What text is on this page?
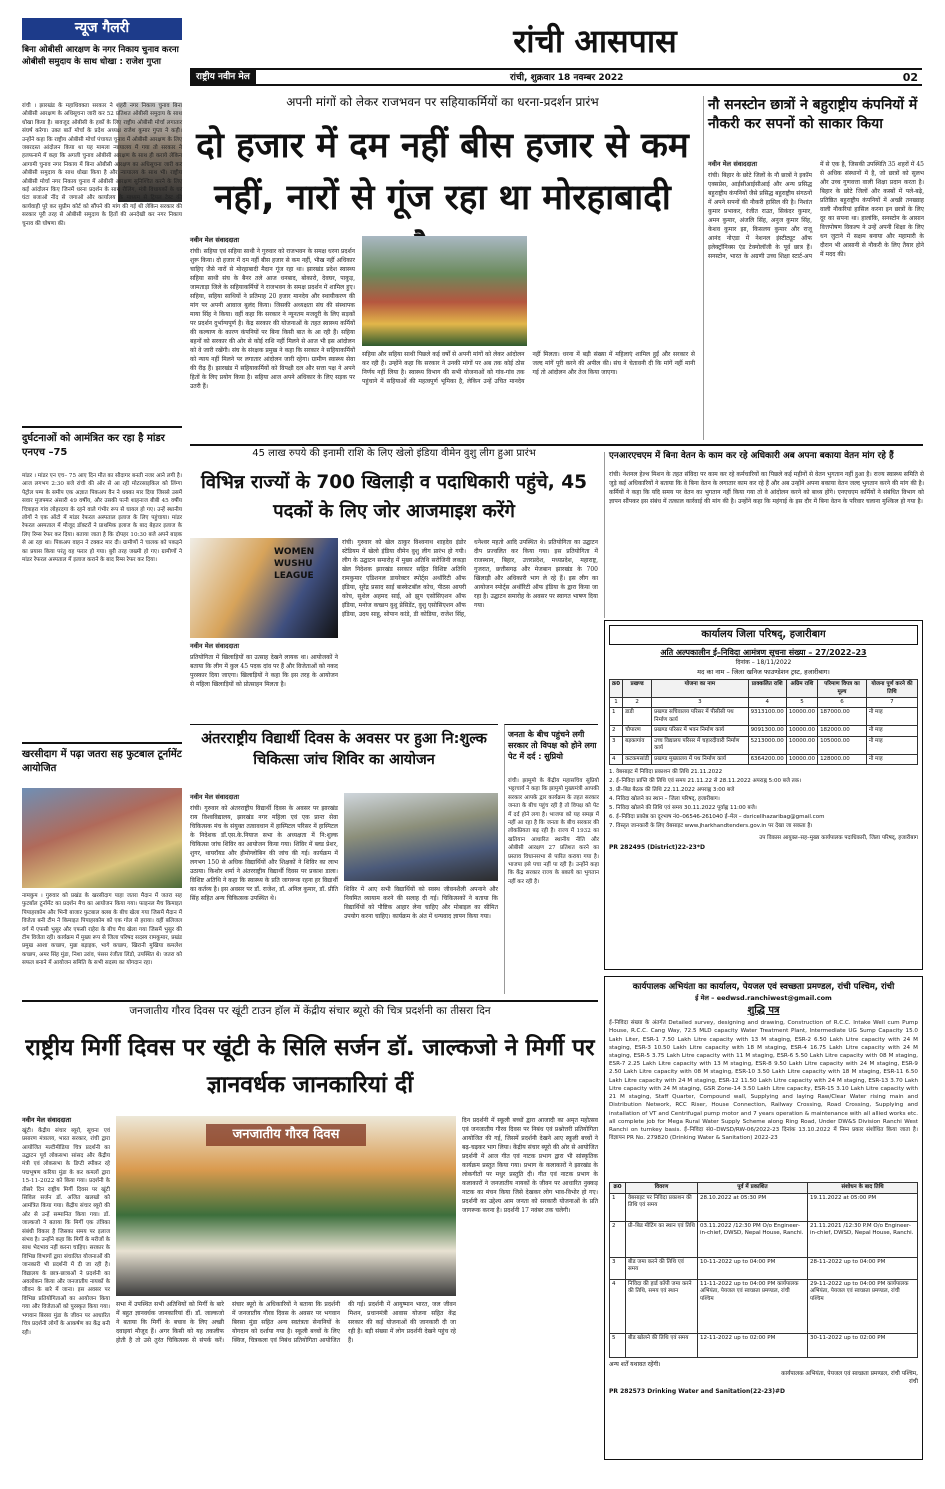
रांची आसपास
राष्ट्रीय नवीन मेल	रांची, शुक्रवार 18 नवम्बर 2022	02
न्यूज गैलरी
बिना ओबीसी आरक्षण के नगर निकाय चुनाव करना ओबीसी समुदाय के साथ धोखा : राजेश गुप्ता
रांची । झारखंड के महाधिवक्ता सरकार ने शहरी नगर निकाय चुनाव बिना ओबीसी आरक्षण के अधिसूचना जारी कर 52 प्रतिशत ओबीसी समुदाय के साथ धोखा किया है। बावजूद ओबीसी के हकों के लिए राष्ट्रीय ओबीसी मोर्चा लगातार संघर्ष करेगा। उक्त बातें मोर्चा के प्रदेश अध्यक्ष राजेश कुमार गुप्ता ने कही। उन्होंने कहा कि राष्ट्रीय ओबीसी मोर्चा पंचायत चुनाव में ओबीसी आरक्षण के लिए जबरदस्त आंदोलन किया था यह मामला न्यायालय में गया तो सरकार ने हलफनामे में कहा कि अगली चुनाव ओबीसी आरक्षण के साथ ही कराये लेकिन आगामी चुनाव नगर निकाय में बिना ओबीसी आरक्षण का अधिसूचना जारी कर ओबीसी समुदाय के साथ धोखा किया है और न्यायालय के साथ भी। राष्ट्रीय ओबीसी मोर्चा नगर निकाय चुनाव में ओबीसी आरक्षण सुनिश्चित करने के लिए कई आंदोलन किए जिनमें धरना प्रदर्शन के साथ रौलिंग, मंत्री विधायकों के घर घंटा बजाओ नींद से जगाओ और कार्यालय के माध्यम से ट्रिपल टेस्ट की कार्यवाही पूरे कर सुप्रीम कोर्ट को सौंपने की मांग की गई थी लेकिन सरकार की सरकार पूरी तरह से ओबीसी समुदाय के हितों की अनदेखी कर नगर निकाय चुनाव की घोषणा की।
दुर्घटनाओं को आमंत्रित कर रहा है मांडर एनएच –75
मांडर । मांडर एन एच– 75 आए दिन मौत का सौदागर बनती नजर आने लगी है। आज लगभग 2:30 बजे रांची की ओर से आ रही मोटरसाइकिल को लिंग्गा पेट्रोल पम्प के समीप एक अज्ञात पिकअप वैन ने धक्का मार दिया जिससे उसमें सवार मुजफ्फर अंसारी 49 वर्षीय, और उसकी पत्नी शाहनाज बीबी 45 वर्षीय चित्राहरा गांव लोहरदगा के रहने वाले गंभीर रूप से घायल हो गए। उन्हें स्थानीय लोगों ने एक ऑटो में मांडर रेफरल अस्पताल इलाज के लिए पहुंचाया। मांडर रेफरल अस्पताल में मौजूद डॉक्टरों ने प्राथमिक इलाज के बाद बेहतर इलाज के लिए रिम्स रेफर कर दिया। बताया जाता है कि दोपहर 10:30 बजे अपने बाइक से आ रहा था। पिकअप वाहन ने टक्कर मार दी। ग्रामीणों ने चालक को पकड़ने का प्रयास किया परंतु वह फरार हो गया। बुरी तरह जख्मी हो गए। ग्रामीणों ने मांडर रेफरल अस्पताल में इलाज कराने के बाद रिम्स रेफर कर दिया।
खरसीदाग में पढ़ा जतरा सह फुटबाल टूर्नामेंट आयोजित
नामकुम । गुरुवार को प्रखंड के खरसीदाग पाहा जतरा मैदान में जतरा सह फुटबॉल टूर्नामेंट का प्रदर्शन मैच का आयोजन किया गया। फाइनल मैच किमाइत पिपाहरकोम और भिनी बाजार फुटबाल क्लब के बीच खेला गया जिसमें मैदान में विजेता बनी टीम ने किमाइत पिपाहरकोम को एक गोल से हराया। वहीं बलिजल वर्ग में एफसी भुसुर और एफसी राहेरा के बीच मैच खेला गया जिसमें भुसुर की टीम विजेता रही। कार्यक्रम में मुख्य रूप से जिला परिषद सदस्य रामकुमार, प्रखंड प्रमुख आशा कच्छप, मुन्ना बड़ाइक, भागे कच्छप, खिरानी मुखिया कमलेश कच्छप, अमर सिंह मुंडा, निशा उरांव, पंसस रंजीता लिंडो, उपस्थित थे। जतरा को सफल बनाने में आयोजन समिति के सभी सदस्य का योगदान रहा।
अपनी मांगों को लेकर राजभवन पर सहियाकर्मियों का धरना-प्रदर्शन प्रारंभ
दो हजार में दम नहीं बीस हजार से कम नहीं, नारों से गूंज रहा था मोरहाबादी
नवीन मेल संवाददाता
रांची। सहिया एवं सहिया साथी ने गुरुवार को राजभवन के समक्ष धरना प्रदर्शन शुरू किया। दो हजार में दम नहीं बीस हजार से कम नहीं, भीख नहीं अधिकार चाहिए जैसे नारों से मोरहाबादी मैदान गूंज रहा था। झारखंड प्रदेश स्वास्थ्य सहिया साथी संघ के बैनर तले आज धनबाद, बोकारो, देवघर, पाकुड़, जामताड़ा जिले के सहियाकर्मियों ने राजभवन के समक्ष प्रदर्शन में शामिल हुए। सहिया, सहिया साथियों ने प्रतिमाह 20 हजार मानदेय और स्थायीकरण की मांग पर अपनी आवाज बुलंद किया। जिसकी अध्यक्षता संघ की संस्थापक माया सिंह ने किया। वहीं कहा कि सरकार ने न्यूनतम मजदूरी के लिए सड़कों पर प्रदर्शन दुर्भाग्यपूर्ण है। केंद्र सरकार की योजनाओं के तहत स्वास्थ्य कर्मियों की कल्याण के कारण कंपनियों पर बिना किसी बात के आ रही हैं। सहिया बहनों को सरकार की ओर से कोई राशि नहीं मिलने से आज भी इस आंदोलन को वे जारी रखेंगी। संघ के संरक्षक प्रमुख ने कहा कि सरकार ने सहियाकर्मियों को न्याय नहीं मिलने पर लगातार आंदोलन जारी रहेगा। ग्रामीण स्वास्थ्य सेवा की रीढ़ हैं। झारखंड में सहियाकर्मियों को विपक्षी दल और सत्ता पक्ष ने अपने हितों के लिए प्रयोग किया है। सहिया आज अपने अधिकार के लिए सड़क पर उतरी हैं।
सहिया और सहिया साथी पिछले कई वर्षों से अपनी मांगों को लेकर आंदोलन कर रही हैं। उन्होंने कहा कि सरकार ने उनकी मांगों पर अब तक कोई ठोस निर्णय नहीं लिया है। स्वास्थ्य विभाग की सभी योजनाओं को गांव-गांव तक पहुंचाने में सहियाओं की महत्वपूर्ण भूमिका है, लेकिन उन्हें उचित मानदेय नहीं मिलता। धरना में बड़ी संख्या में महिलाएं शामिल हुईं और सरकार से जल्द मांगें पूरी करने की अपील की। संघ ने चेतावनी दी कि मांगें नहीं मानी गई तो आंदोलन और तेज किया जाएगा।
नौ सनस्टोन छात्रों ने बहुराष्ट्रीय कंपनियों में नौकरी कर सपनों को साकार किया
नवीन मेल संवाददाता
रांची। बिहार के छोटे जिलों के नौ छात्रों ने इकॉम एक्सप्रेस, आईसीआईसीआई और अन्य प्रसिद्ध बहुराष्ट्रीय कंपनियों जैसे प्रसिद्ध बहुराष्ट्रीय संगठनों में अपने सपनों की नौकरी हासिल की है। निशांत कुमार प्रभाकर, रंजीत राउत, सिकंदर कुमार, अमन कुमार, अंजलि सिंह, अनुज कुमार सिंह, केशव कुमार झा, किसलय कुमार और राजू आनंद नोएडा में नेशनल इंस्टीट्यूट ऑफ इलेक्ट्रॉनिक्स एंड टेक्नोलॉजी के पूर्व छात्र हैं। सनस्टोन, भारत के अग्रणी उच्च शिक्षा स्टार्ट-अप में से एक है, जिसकी उपस्थिति 35 शहरों में 45 से अधिक संस्थानों में है, जो छात्रों को सुलभ और उच्च गुणवत्ता वाली शिक्षा प्रदान करता है। बिहार के छोटे जिलों और कस्बों में पले-बढ़े, प्रतिष्ठित बहुराष्ट्रीय कंपनियों में अच्छी तनख्वाह वाली नौकरियां हासिल करना इन छात्रों के लिए दूर का सपना था। हालांकि, सनस्टोन के आसान वित्तपोषण विकल्प ने उन्हें अपनी शिक्षा के लिए धन जुटाने में सक्षम बनाया और महामारी के दौरान भी आसानी से नौकरी के लिए तैयार होने में मदद की।
45 लाख रुपये की इनामी राशि के लिए खेलो इंडिया वीमेन वुशु लीग हुआ प्रारंभ
विभिन्न राज्यों के 700 खिलाड़ी व पदाधिकारी पहुंचे, 45 पदकों के लिए जोर आजमाइश करेंगे
WOMEN WUSHU LEAGUE
रांची। गुरुवार को खेल ठाकुर विश्वनाथ शाहदेव इंडोर स्टेडियम में खेलो इंडिया वीमेन वुशु लीग प्रारंभ हो गयी। लीग के उद्घाटन समारोह में मुख्य अतिथि सरोजिनी लकड़ा खेल निदेशक झारखंड सरकार सहित विशिष्ट अतिथि रामकुमार एडिशनल डायरेक्टर स्पोर्ट्स अथॉरिटी ऑफ इंडिया, सुरेंद्र प्रसाद साई बास्केटबॉल कोच, पीठस आयरी कोच, सुशेल अहमद साई, ओ झुप एसोसिएशन ऑफ इंडिया, मनोज कच्छप वुशु प्रेसिडेंट, वुशु एसोसिएशन ऑफ इंडिया, उदय साहू, सोपान कांडे, डी कोडिया, राजेश सिंह, धनेश्वर महतो आदि उपस्थित थे। प्रतियोगिता का उद्घाटन दीप प्रज्वलित कर किया गया। इस प्रतियोगिता में राजस्थान, बिहार, उत्तरप्रदेश, मध्यप्रदेश, महाराष्ट्र, गुजरात, छत्तीसगढ़ और मेजबान झारखंड के 700 खिलाड़ी और अधिकारी भाग ले रहे हैं। इस लीग का आयोजन स्पोर्ट्स अथॉरिटी ऑफ इंडिया के द्वारा किया जा रहा है। उद्घाटन समारोह के अवसर पर स्वागत भाषण दिया गया।
नवीन मेल संवाददाता
प्रतियोगिता में खिलाड़ियों का उत्साह देखने लायक था। आयोजकों ने बताया कि लीग में कुल 45 पदक दांव पर हैं और विजेताओं को नकद पुरस्कार दिया जाएगा। खिलाड़ियों ने कहा कि इस तरह के आयोजन से महिला खिलाड़ियों को प्रोत्साहन मिलता है।
एनआरएचएम में बिना वेतन के काम कर रहे अधिकारी अब अपना बकाया वेतन मांग रहे हैं
रांची। नेशनल हेल्थ मिशन के तहत संविदा पर काम कर रहे कर्मचारियों का पिछले कई महीनों से वेतन भुगतान नहीं हुआ है। राज्य स्वास्थ्य समिति से जुड़े कई अधिकारियों ने बताया कि वे बिना वेतन के लगातार काम कर रहे हैं और अब उन्होंने अपना बकाया वेतन जल्द भुगतान करने की मांग की है। कर्मियों ने कहा कि यदि समय पर वेतन का भुगतान नहीं किया गया तो वे आंदोलन करने को बाध्य होंगे। एनएचएम कर्मियों ने संबंधित विभाग को ज्ञापन सौंपकर इस संबंध में तत्काल कार्रवाई की मांग की है। उन्होंने कहा कि महंगाई के इस दौर में बिना वेतन के परिवार चलाना मुश्किल हो गया है।
कार्यालय जिला परिषद्, हजारीबाग
अति अल्पकालीन ई–निविदा आमंत्रण सूचना संख्या – 27/2022–23
दिनांक – 18/11/2022
मद का नाम – जिला खनिज फाउण्डेशन ट्रस्ट, हजारीबाग।
क्र0	प्रखण्ड	योजना का नाम	प्राक्कलित राशि	अग्रिम राशि	परिमाण विपत्र का मूल्य	योजना पूर्ण करने की तिथि
1	2	3	4	5	6	7
1	डाडी	प्रखण्ड सचिवालय परिसर में पीसीसी पथ निर्माण कार्य	9313100.00	10000.00	187000.00	नौ माह
2	चौपारण	प्रखण्ड परिसर में भवन निर्माण कार्य	9091300.00	10000.00	182000.00	नौ माह
3	बड़कागांव	उच्च विद्यालय परिसर में चहारदीवारी निर्माण कार्य	5213000.00	10000.00	105000.00	नौ माह
4	कटकमसांडी	प्रखण्ड मुख्यालय में पथ निर्माण कार्य	6364200.00	10000.00	128000.00	नौ माह
1. वेबसाइट में निविदा प्रकाशन की तिथि 21.11.2022
2. ई–निविदा प्राप्ति की तिथि एवं समय 21.11.22 से 28.11.2022 अपराह्न 5:00 बजे तक।
3. प्री–बिड बैठक की तिथि 22.11.2022 अपराह्न 3:00 बजे
4. निविदा खोलने का स्थान – जिला परिषद्, हजारीबाग।
5. निविदा खोलने की तिथि एवं समय 30.11.2022 पूर्वाह्न 11:00 बजे।
6. ई–निविदा प्रकोष्ठ का दूरभाष नं0–06546-261040 ई–मेल – dsricellhazaribag@gmail.com
7. विस्तृत जानकारी के लिए वेबसाइट www.jharkhandtenders.gov.in पर देखा जा सकता है।
उप विकास आयुक्त–सह–मुख्य कार्यपालक पदाधिकारी, जिला परिषद्, हजारीबाग
PR 282495 (District)22-23*D
अंतरराष्ट्रीय विद्यार्थी दिवस के अवसर पर हुआ नि:शुल्क चिकित्सा जांच शिविर का आयोजन
नवीन मेल संवाददाता
रांची। गुरुवार को अंतरराष्ट्रीय विद्यार्थी दिवस के अवसर पर झारखंड राय विश्वविद्यालय, झारखंड नगर महिला एवं एक प्रान्त सेवा चिकित्सक मंच के संयुक्त तत्वावधान में हास्पिटल परिसर में हास्पिटल के निदेशक डॉ.एस.के.नियाज सभा के अध्यक्षता में नि:शुल्क चिकित्सा जांच शिविर का आयोजन किया गया। शिविर में ब्लड प्रेशर, शुगर, थायरॉयड और हीमोग्लोबिन की जांच की गई। कार्यक्रम में लगभग 150 से अधिक विद्यार्थियों और शिक्षकों ने शिविर का लाभ उठाया। किशोर शर्मा ने अंतरराष्ट्रीय विद्यार्थी दिवस पर प्रकाश डाला। विशिष्ट अतिथि ने कहा कि स्वास्थ्य के प्रति जागरूक रहना हर विद्यार्थी का कर्तव्य है। इस अवसर पर डॉ. राजेश, डॉ. अनिल कुमार, डॉ. प्रीति सिंह सहित अन्य चिकित्सक उपस्थित थे।
शिविर में आए सभी विद्यार्थियों को स्वस्थ जीवनशैली अपनाने और नियमित व्यायाम करने की सलाह दी गई। चिकित्सकों ने बताया कि विद्यार्थियों को पौष्टिक आहार लेना चाहिए और मोबाइल का सीमित उपयोग करना चाहिए। कार्यक्रम के अंत में धन्यवाद ज्ञापन किया गया।
जनता के बीच पहुंचने लगी सरकार तो विपक्ष को होने लगा पेट में दर्द : सुप्रियो
रांची। झामुमो के केंद्रीय महासचिव सुप्रियो भट्टाचार्य ने कहा कि झामुमो मुख्यमंत्री आपकी सरकार आपके द्वार कार्यक्रम के तहत सरकार जनता के बीच पहुंच रही है तो विपक्ष को पेट में दर्द होने लगा है। भाजपा को यह समझ में नहीं आ रहा है कि जनता के बीच सरकार की लोकप्रियता बढ़ रही है। राज्य में 1932 का खतियान आधारित स्थानीय नीति और ओबीसी आरक्षण 27 प्रतिशत करने का प्रस्ताव विधानसभा से पारित कराया गया है। भाजपा इसे पचा नहीं पा रही है। उन्होंने कहा कि केंद्र सरकार राज्य के बकाये का भुगतान नहीं कर रही है।
कार्यपालक अभियंता का कार्यालय, पेयजल एवं स्वच्छता प्रमण्डल, रांची पश्चिम, रांची
ई मेल – eedwsd.ranchiwest@gmail.com
शुद्धि पत्र
ई–निविदा संख्या के अंतर्गत Detailed survey, designing and drawing, Construction of R.C.C. Intake Well cum Pump House, R.C.C. Cang Way, 72.5 MLD capacity Water Treatment Plant, Intermediate UG Sump Capacity 15.0 Lakh Liter, ESR-1 7.50 Lakh Litre capacity with 13 M staging, ESR-2 6.50 Lakh Litre capacity with 24 M staging, ESR-3 10.50 Lakh Litre capacity with 18 M staging, ESR-4 16.75 Lakh Litre capacity with 24 M staging, ESR-5 3.75 Lakh Litre capacity with 11 M staging, ESR-6 5.50 Lakh Litre capacity with 08 M staging, ESR-7 2.25 Lakh Litre capacity with 13 M staging, ESR-8 9.50 Lakh Litre capacity with 24 M staging, ESR-9 2.50 Lakh Litre capacity with 08 M staging, ESR-10 3.50 Lakh Litre capacity with 18 M staging, ESR-11 6.50 Lakh Litre capacity with 24 M staging, ESR-12 11.50 Lakh Litre capacity with 24 M staging, ESR-13 3.70 Lakh Litre capacity with 24 M staging, GSR Zone-14 3.50 Lakh Litre capacity, ESR-15 3.10 Lakh Litre capacity with 21 M staging, Staff Quarter, Compound wall, Supplying and laying Raw/Clear Water rising main and Distribution Network, RCC Riser, House Connection, Railway Crossing, Road Crossing, Supplying and installation of VT and Centrifugal pump motor and 7 years operation & maintenance with all allied works etc. all complete job for Mega Rural Water Supply Scheme along Ring Road, Under DW&S Division Ranchi West Ranchi on turnkey basis. ई–निविदा सं0–DWSD/RW-06/2022-23 दिनांक 13.10.2022 में निम्न प्रकार संशोधित किया जाता है। विज्ञापन PR No. 279820 (Drinking Water & Sanitation) 2022-23
क्र0	विवरण	पूर्व में प्रकाशित	संशोधन के बाद तिथि
1	वेबसाइट पर निविदा प्रकाशन की तिथि एवं समय	28.10.2022 at 05:30 PM	19.11.2022 at 05:00 PM
2	प्री–बिड मीटिंग का स्थान एवं तिथि	03.11.2022 /12:30 PM O/o Engineer-in-chief, DWSD, Nepal House, Ranchi.	21.11.2021 /12:30 P.M O/o Engineer-in-chief, DWSD, Nepal House, Ranchi.
3	बीड जमा करने की तिथि एवं समय	10-11-2022 up to 04:00 PM	28-11-2022 up to 04:00 PM
4	निविदा की हार्ड कॉपी जमा करने की तिथि, समय एवं स्थान	11-11-2022 up to 04:00 PM कार्यपालक अभियंता, पेयजल एवं स्वच्छता प्रमण्डल, रांची पश्चिम	29-11-2022 up to 04:00 PM कार्यपालक अभियंता, पेयजल एवं स्वच्छता प्रमण्डल, रांची पश्चिम
5	बीड खोलने की तिथि एवं समय	12-11-2022 up to 02:00 PM	30-11-2022 up to 02:00 PM
अन्य शर्तें यथावत रहेंगी।
कार्यपालक अभियंता, पेयजल एवं स्वच्छता प्रमण्डल, रांची पश्चिम, रांची
PR 282573 Drinking Water and Sanitation(22-23)#D
जनजातीय गौरव दिवस पर खूंटी टाउन हॉल में केंद्रीय संचार ब्यूरो की चित्र प्रदर्शनी का तीसरा दिन
राष्ट्रीय मिर्गी दिवस पर खूंटी के सिलि सर्जन डॉ. जाल्कजो ने मिर्गी पर ज्ञानवर्धक जानकारियां दीं
नवीन मेल संवाददाता
खूंटी। केंद्रीय संचार ब्यूरो, सूचना एवं प्रसारण मंत्रालय, भारत सरकार, रांची द्वारा आयोजित मल्टीमीडिया चित्र प्रदर्शनी का उद्घाटन पूर्व लोकसभा सांसद और केंद्रीय मंत्री एवं लोकसभा के डिप्टी स्पीकर रहे पद्मभूषण करिया मुंडा के कर कमलों द्वारा 15-11-2022 को किया गया। प्रदर्शनी के तीसरे दिन राष्ट्रीय मिर्गी दिवस पर खूंटी सिविल सर्जन डॉ. अजित खलखो को आमंत्रित किया गया। केंद्रीय संचार ब्यूरो की ओर से उन्हें सम्मानित किया गया। डॉ. जाल्कजो ने बताया कि मिर्गी एक तंत्रिका संबंधी विकार है जिसका समय पर इलाज संभव है। उन्होंने कहा कि मिर्गी के मरीजों के साथ भेदभाव नहीं करना चाहिए। सरकार के विभिन्न विभागों द्वारा संचालित योजनाओं की जानकारी भी प्रदर्शनी में दी जा रही है। विद्यालय के छात्र-छात्राओं ने प्रदर्शनी का अवलोकन किया और जनजातीय नायकों के जीवन के बारे में जाना। इस अवसर पर विभिन्न प्रतियोगिताओं का आयोजन किया गया और विजेताओं को पुरस्कृत किया गया। भगवान बिरसा मुंडा के जीवन पर आधारित चित्र प्रदर्शनी लोगों के आकर्षण का केंद्र बनी रही।
जनजातीय गौरव दिवस
सभा में उपस्थित सभी अतिथियों को मिर्गी के बारे में बहुत ज्ञानवर्धक जानकारियां दीं। डॉ. जाल्कजो ने बताया कि मिर्गी के बचाव के लिए अच्छी दवाइयां मौजूद हैं। अगर किसी को यह तकलीफ होती है तो उसे तुरंत चिकित्सक से संपर्क करें। संचार ब्यूरो के अधिकारियों ने बताया कि प्रदर्शनी में जनजातीय गौरव दिवस के अवसर पर भगवान बिरसा मुंडा सहित अन्य स्वतंत्रता सेनानियों के योगदान को दर्शाया गया है। स्कूली बच्चों के लिए क्विज, चित्रकला एवं निबंध प्रतियोगिता आयोजित की गई। प्रदर्शनी में आयुष्मान भारत, जल जीवन मिशन, प्रधानमंत्री आवास योजना सहित केंद्र सरकार की कई योजनाओं की जानकारी दी जा रही है। बड़ी संख्या में लोग प्रदर्शनी देखने पहुंच रहे हैं।
दिन प्रदर्शनी में स्कूली बच्चों द्वारा आजादी का अमृत महोत्सव एवं जनजातीय गौरव दिवस पर निबंध एवं प्रश्नोत्तरी प्रतियोगिता आयोजित की गई, जिसमें प्रदर्शनी देखने आए स्कूली बच्चों ने बढ़-चढ़कर भाग लिया। केंद्रीय संचार ब्यूरो की ओर से आयोजित प्रदर्शनी में आज गीत एवं नाटक प्रभाग द्वारा भी सांस्कृतिक कार्यक्रम प्रस्तुत किया गया। प्रभाग के कलाकारों ने झारखंड के लोकगीतों पर मधुर प्रस्तुति दी। गीत एवं नाटक प्रभाग के कलाकारों ने जनजातीय नायकों के जीवन पर आधारित नुक्कड़ नाटक का मंचन किया जिसे देखकर लोग भाव-विभोर हो गए। प्रदर्शनी का उद्देश्य आम जनता को सरकारी योजनाओं के प्रति जागरूक करना है। प्रदर्शनी 17 नवंबर तक चलेगी।
